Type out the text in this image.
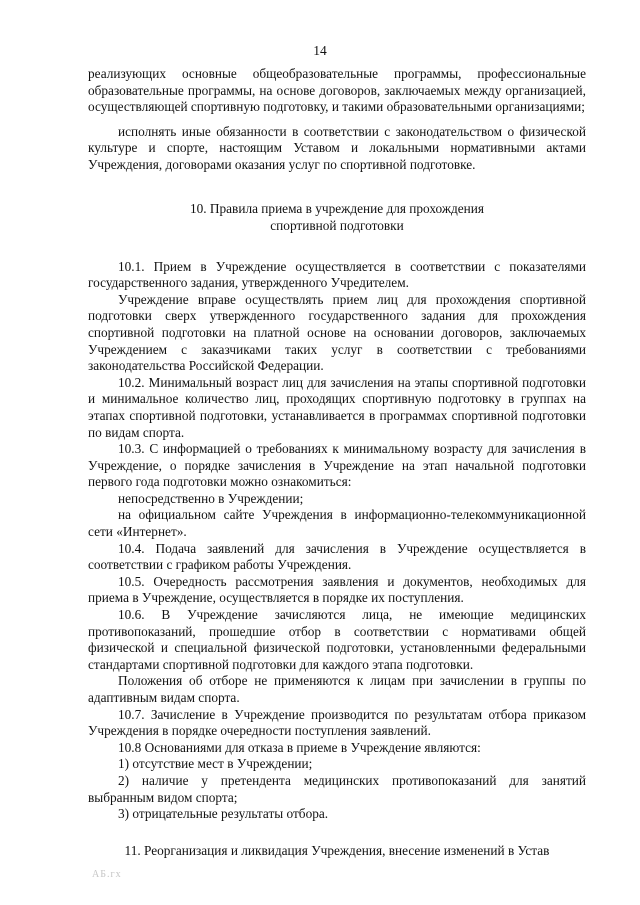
14

реализующих основные общеобразовательные программы, профессиональные образовательные программы, на основе договоров, заключаемых между организацией, осуществляющей спортивную подготовку, и такими образовательными организациями;

исполнять иные обязанности в соответствии с законодательством о физической культуре и спорте, настоящим Уставом и локальными нормативными актами Учреждения, договорами оказания услуг по спортивной подготовке.

10. Правила приема в учреждение для прохождения
спортивной подготовки

10.1. Прием в Учреждение осуществляется в соответствии с показателями государственного задания, утвержденного Учредителем.

Учреждение вправе осуществлять прием лиц для прохождения спортивной подготовки сверх утвержденного государственного задания для прохождения спортивной подготовки на платной основе на основании договоров, заключаемых Учреждением с заказчиками таких услуг в соответствии с требованиями законодательства Российской Федерации.

10.2. Минимальный возраст лиц для зачисления на этапы спортивной подготовки и минимальное количество лиц, проходящих спортивную подготовку в группах на этапах спортивной подготовки, устанавливается в программах спортивной подготовки по видам спорта.

10.3. С информацией о требованиях к минимальному возрасту для зачисления в Учреждение, о порядке зачисления в Учреждение на этап начальной подготовки первого года подготовки можно ознакомиться:

непосредственно в Учреждении;

на официальном сайте Учреждения в информационно-телекоммуникационной сети «Интернет».

10.4. Подача заявлений для зачисления в Учреждение осуществляется в соответствии с графиком работы Учреждения.

10.5. Очередность рассмотрения заявления и документов, необходимых для приема в Учреждение, осуществляется в порядке их поступления.

10.6. В Учреждение зачисляются лица, не имеющие медицинских противопоказаний, прошедшие отбор в соответствии с нормативами общей физической и специальной физической подготовки, установленными федеральными стандартами спортивной подготовки для каждого этапа подготовки.

Положения об отборе не применяются к лицам при зачислении в группы по адаптивным видам спорта.

10.7. Зачисление в Учреждение производится по результатам отбора приказом Учреждения в порядке очередности поступления заявлений.

10.8 Основаниями для отказа в приеме в Учреждение являются:

1) отсутствие мест в Учреждении;

2) наличие у претендента медицинских противопоказаний для занятий выбранным видом спорта;

3) отрицательные результаты отбора.

11. Реорганизация и ликвидация Учреждения, внесение изменений в Устав
АБ.гх
